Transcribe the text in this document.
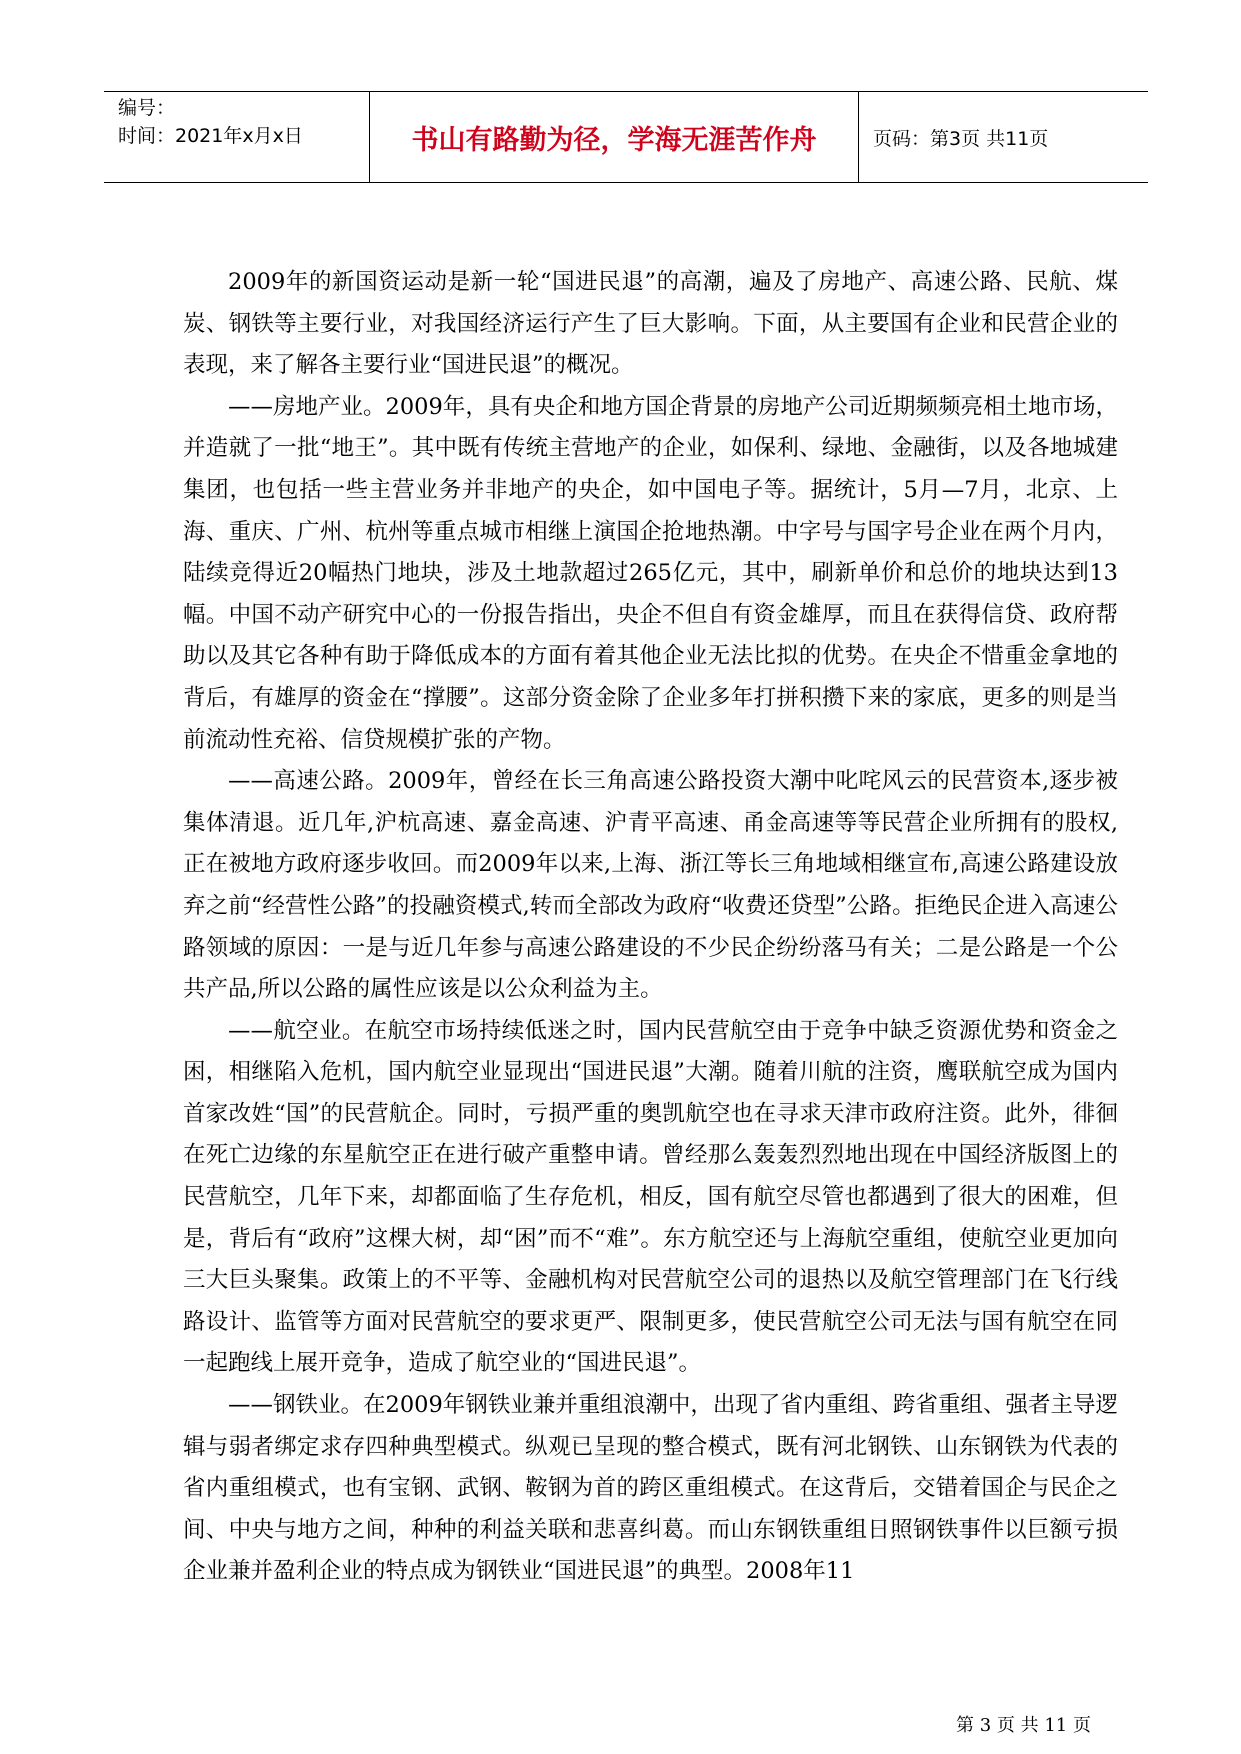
编号：
时间：2021年x月x日	书山有路勤为径，学海无涯苦作舟	页码：第3页 共11页

2009年的新国资运动是新一轮“国进民退”的高潮，遍及了房地产、高速公路、民航、煤炭、钢铁等主要行业，对我国经济运行产生了巨大影响。下面，从主要国有企业和民营企业的表现，来了解各主要行业“国进民退”的概况。

——房地产业。2009年，具有央企和地方国企背景的房地产公司近期频频亮相土地市场，并造就了一批“地王”。其中既有传统主营地产的企业，如保利、绿地、金融街，以及各地城建集团，也包括一些主营业务并非地产的央企，如中国电子等。据统计，5月—7月，北京、上海、重庆、广州、杭州等重点城市相继上演国企抢地热潮。中字号与国字号企业在两个月内，陆续竞得近20幅热门地块，涉及土地款超过265亿元，其中，刷新单价和总价的地块达到13幅。中国不动产研究中心的一份报告指出，央企不但自有资金雄厚，而且在获得信贷、政府帮助以及其它各种有助于降低成本的方面有着其他企业无法比拟的优势。在央企不惜重金拿地的背后，有雄厚的资金在“撑腰”。这部分资金除了企业多年打拼积攒下来的家底，更多的则是当前流动性充裕、信贷规模扩张的产物。

——高速公路。2009年，曾经在长三角高速公路投资大潮中叱咤风云的民营资本,逐步被集体清退。近几年,沪杭高速、嘉金高速、沪青平高速、甬金高速等等民营企业所拥有的股权,正在被地方政府逐步收回。而2009年以来,上海、浙江等长三角地域相继宣布,高速公路建设放弃之前“经营性公路”的投融资模式,转而全部改为政府“收费还贷型”公路。拒绝民企进入高速公路领域的原因：一是与近几年参与高速公路建设的不少民企纷纷落马有关；二是公路是一个公共产品,所以公路的属性应该是以公众利益为主。

——航空业。在航空市场持续低迷之时，国内民营航空由于竞争中缺乏资源优势和资金之困，相继陷入危机，国内航空业显现出“国进民退”大潮。随着川航的注资，鹰联航空成为国内首家改姓“国”的民营航企。同时，亏损严重的奥凯航空也在寻求天津市政府注资。此外，徘徊在死亡边缘的东星航空正在进行破产重整申请。曾经那么轰轰烈烈地出现在中国经济版图上的民营航空，几年下来，却都面临了生存危机，相反，国有航空尽管也都遇到了很大的困难，但是，背后有“政府”这棵大树，却“困”而不“难”。东方航空还与上海航空重组，使航空业更加向三大巨头聚集。政策上的不平等、金融机构对民营航空公司的退热以及航空管理部门在飞行线路设计、监管等方面对民营航空的要求更严、限制更多，使民营航空公司无法与国有航空在同一起跑线上展开竞争，造成了航空业的“国进民退”。

——钢铁业。在2009年钢铁业兼并重组浪潮中，出现了省内重组、跨省重组、强者主导逻辑与弱者绑定求存四种典型模式。纵观已呈现的整合模式，既有河北钢铁、山东钢铁为代表的省内重组模式，也有宝钢、武钢、鞍钢为首的跨区重组模式。在这背后，交错着国企与民企之间、中央与地方之间，种种的利益关联和悲喜纠葛。而山东钢铁重组日照钢铁事件以巨额亏损企业兼并盈利企业的特点成为钢铁业“国进民退”的典型。2008年11

第 3 页 共 11 页
